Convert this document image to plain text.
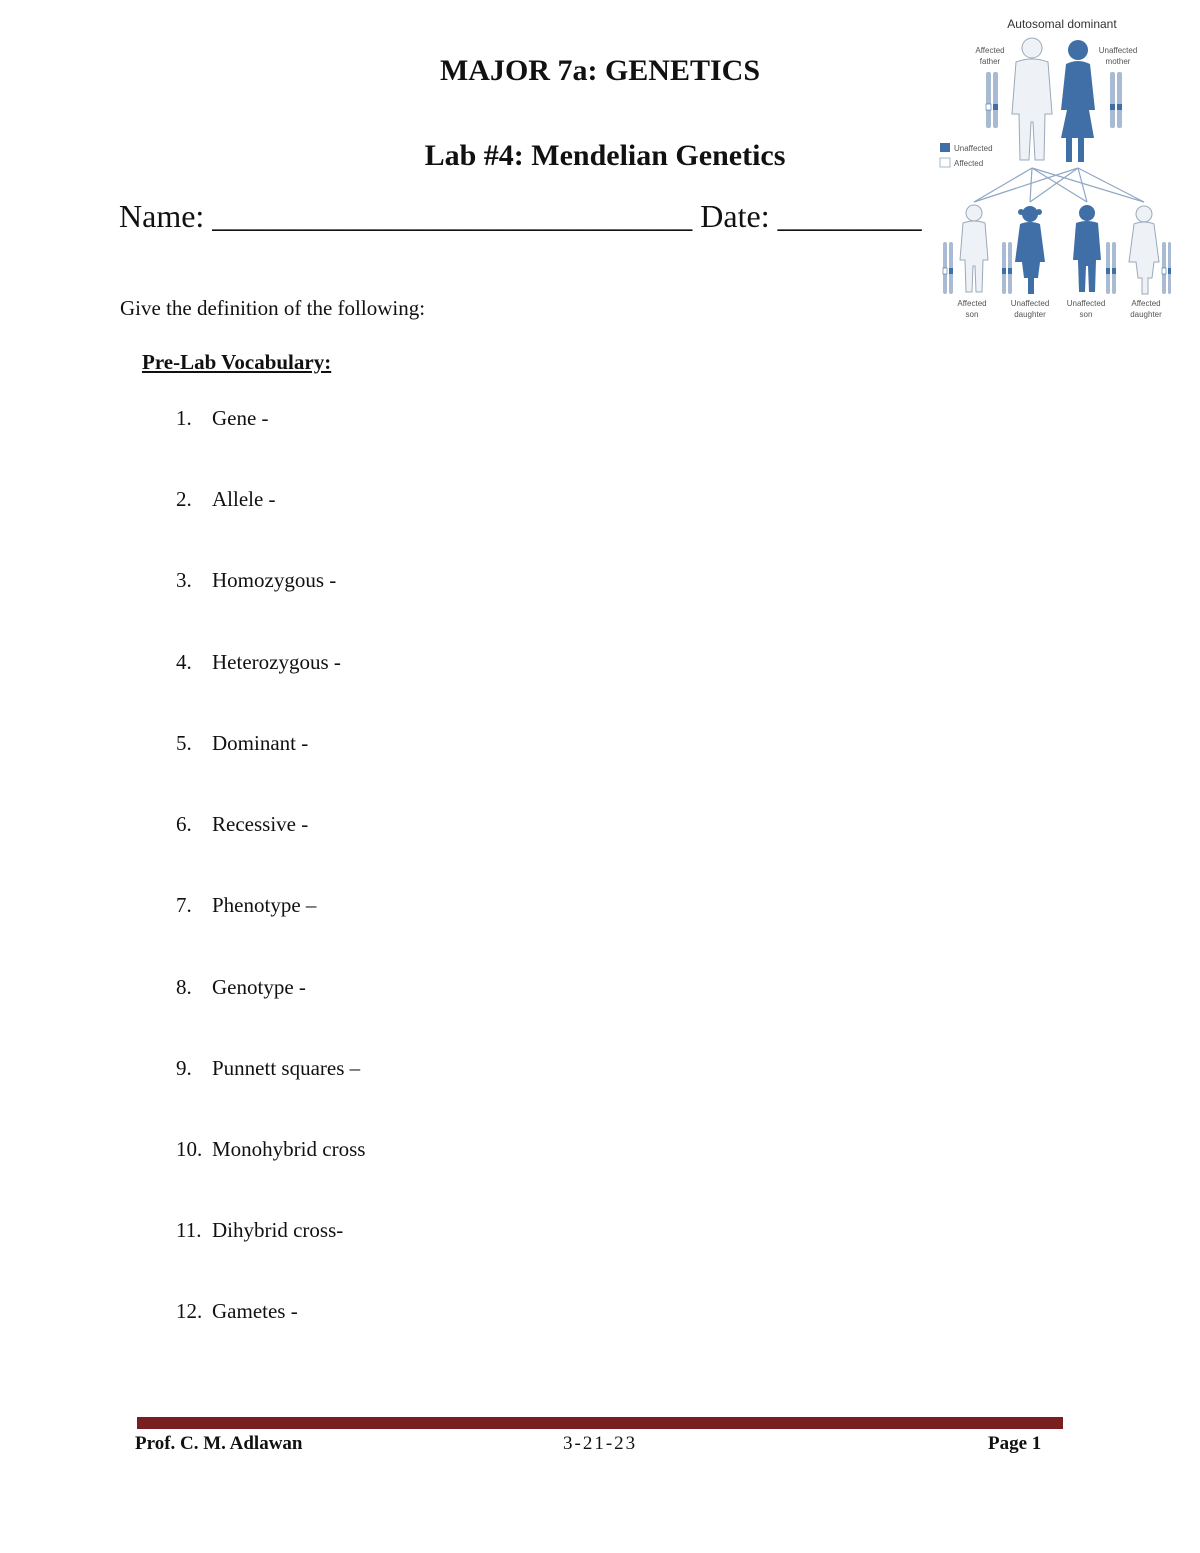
MAJOR 7a: GENETICS
Lab #4: Mendelian Genetics
Name: ______________________________ Date: _________
Give the definition of the following:
Pre-Lab Vocabulary:
1. Gene -
2. Allele -
3. Homozygous -
4. Heterozygous -
5. Dominant -
6. Recessive -
7. Phenotype –
8. Genotype -
9. Punnett squares –
10. Monohybrid cross
11. Dihybrid cross-
12. Gametes -
Autosomal dominant
Affected
father
Unaffected
mother
Unaffected
Affected
Affected
son
Unaffected
daughter
Unaffected
son
Affected
daughter
Prof. C. M. Adlawan	3-21-23	Page 1
